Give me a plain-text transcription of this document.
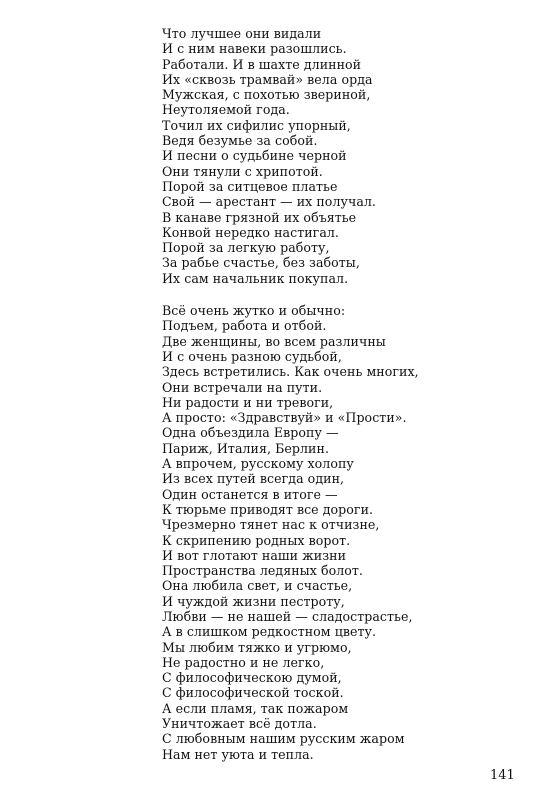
Что лучшее они видали
И с ним навеки разошлись.
Работали. И в шахте длинной
Их «сквозь трамвай» вела орда
Мужская, с похотью звериной,
Неутоляемой года.
Точил их сифилис упорный,
Ведя безумье за собой.
И песни о судьбине черной
Они тянули с хрипотой.
Порой за ситцевое платье
Свой — арестант — их получал.
В канаве грязной их объятье
Конвой нередко настигал.
Порой за легкую работу,
За рабье счастье, без заботы,
Их сам начальник покупал.
Всё очень жутко и обычно:
Подъем, работа и отбой.
Две женщины, во всем различны
И с очень разною судьбой,
Здесь встретились. Как очень многих,
Они встречали на пути.
Ни радости и ни тревоги,
А просто: «Здравствуй» и «Прости».
Одна объездила Европу —
Париж, Италия, Берлин.
А впрочем, русскому холопу
Из всех путей всегда один,
Один останется в итоге —
К тюрьме приводят все дороги.
Чрезмерно тянет нас к отчизне,
К скрипению родных ворот.
И вот глотают наши жизни
Пространства ледяных болот.
Она любила свет, и счастье,
И чуждой жизни пестроту,
Любви — не нашей — сладострастье,
А в слишком редкостном цвету.
Мы любим тяжко и угрюмо,
Не радостно и не легко,
С философическою думой,
С философической тоской.
А если пламя, так пожаром
Уничтожает всё дотла.
С любовным нашим русским жаром
Нам нет уюта и тепла.
141
